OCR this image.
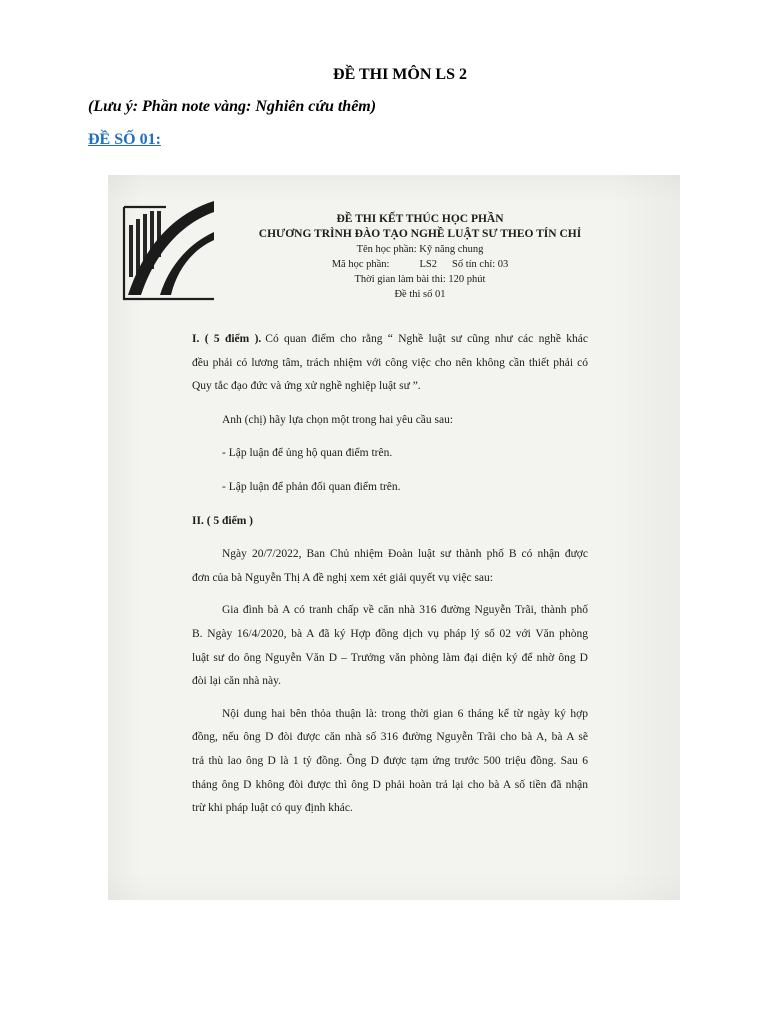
ĐỀ THI MÔN LS 2
(Lưu ý: Phần note vàng: Nghiên cứu thêm)
ĐỀ SỐ 01:
ĐỀ THI KẾT THÚC HỌC PHẦN
CHƯƠNG TRÌNH ĐÀO TẠO NGHỀ LUẬT SƯ THEO TÍN CHỈ
Tên học phần: Kỹ năng chung
Mã học phần:	LS2 Số tín chỉ: 03
Thời gian làm bài thi: 120 phút
Đề thi số 01
I. ( 5 điểm ). Có quan điểm cho rằng “ Nghề luật sư cũng như các nghề khác
đều phải có lương tâm, trách nhiệm với công việc cho nên không cần thiết phải có
Quy tắc đạo đức và ứng xử nghề nghiệp luật sư ”.
Anh (chị) hãy lựa chọn một trong hai yêu cầu sau:
- Lập luận để ủng hộ quan điểm trên.
- Lập luận để phản đối quan điểm trên.
II. ( 5 điểm )
Ngày 20/7/2022, Ban Chủ nhiệm Đoàn luật sư thành phố B có nhận được
đơn của bà Nguyễn Thị A đề nghị xem xét giải quyết vụ việc sau:
Gia đình bà A có tranh chấp về căn nhà 316 đường Nguyễn Trãi, thành phố
B. Ngày 16/4/2020, bà A đã ký Hợp đồng dịch vụ pháp lý số 02 với Văn phòng
luật sư do ông Nguyễn Văn D – Trưởng văn phòng làm đại diện ký để nhờ ông D
đòi lại căn nhà này.
Nội dung hai bên thỏa thuận là: trong thời gian 6 tháng kể từ ngày ký hợp
đồng, nếu ông D đòi được căn nhà số 316 đường Nguyễn Trãi cho bà A, bà A sẽ
trả thù lao ông D là 1 tỷ đồng. Ông D được tạm ứng trước 500 triệu đồng. Sau 6
tháng ông D không đòi được thì ông D phải hoàn trả lại cho bà A số tiền đã nhận
trừ khi pháp luật có quy định khác.
